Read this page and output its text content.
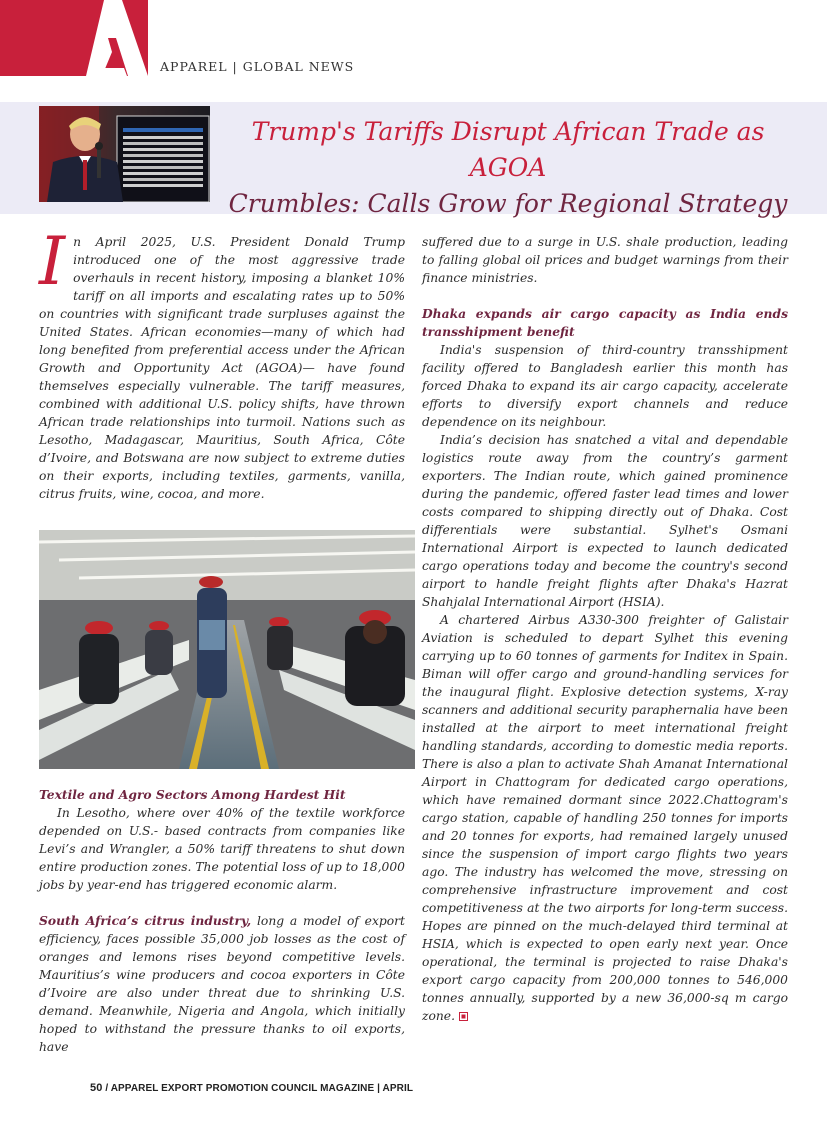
APPAREL | GLOBAL NEWS
Trump's Tariffs Disrupt African Trade as AGOA
Crumbles: Calls Grow for Regional Strategy
I n April 2025, U.S. President Donald Trump introduced one of the most aggressive trade overhauls in recent history, imposing a blanket 10% tariff on all imports and escalating rates up to 50% on countries with significant trade surpluses against the United States. African economies—many of which had long benefited from preferential access under the African Growth and Opportunity Act (AGOA)— have found themselves especially vulnerable. The tariff measures, combined with additional U.S. policy shifts, have thrown African trade relationships into turmoil. Nations such as Lesotho, Madagascar, Mauritius, South Africa, Côte d’Ivoire, and Botswana are now subject to extreme duties on their exports, including textiles, garments, vanilla, citrus fruits, wine, cocoa, and more.

Textile and Agro Sectors Among Hardest Hit

In Lesotho, where over 40% of the textile workforce depended on U.S.- based contracts from companies like Levi’s and Wrangler, a 50% tariff threatens to shut down entire production zones. The potential loss of up to 18,000 jobs by year-end has triggered economic alarm.

South Africa’s citrus industry, long a model of export efficiency, faces possible 35,000 job losses as the cost of oranges and lemons rises beyond competitive levels. Mauritius’s wine producers and cocoa exporters in Côte d’Ivoire are also under threat due to shrinking U.S. demand. Meanwhile, Nigeria and Angola, which initially hoped to withstand the pressure thanks to oil exports, have

suffered due to a surge in U.S. shale production, leading to falling global oil prices and budget warnings from their finance ministries.

Dhaka expands air cargo capacity as India ends transshipment benefit

India's suspension of third-country transshipment facility offered to Bangladesh earlier this month has forced Dhaka to expand its air cargo capacity, accelerate efforts to diversify export channels and reduce dependence on its neighbour.

India’s decision has snatched a vital and dependable logistics route away from the country’s garment exporters. The Indian route, which gained prominence during the pandemic, offered faster lead times and lower costs compared to shipping directly out of Dhaka. Cost differentials were substantial. Sylhet's Osmani International Airport is expected to launch dedicated cargo operations today and become the country's second airport to handle freight flights after Dhaka's Hazrat Shahjalal International Airport (HSIA).

A chartered Airbus A330-300 freighter of Galistair Aviation is scheduled to depart Sylhet this evening carrying up to 60 tonnes of garments for Inditex in Spain. Biman will offer cargo and ground-handling services for the inaugural flight. Explosive detection systems, X-ray scanners and additional security paraphernalia have been installed at the airport to meet international freight handling standards, according to domestic media reports. There is also a plan to activate Shah Amanat International Airport in Chattogram for dedicated cargo operations, which have remained dormant since 2022.Chattogram's cargo station, capable of handling 250 tonnes for imports and 20 tonnes for exports, had remained largely unused since the suspension of import cargo flights two years ago. The industry has welcomed the move, stressing on comprehensive infrastructure improvement and cost competitiveness at the two airports for long-term success. Hopes are pinned on the much-delayed third terminal at HSIA, which is expected to open early next year. Once operational, the terminal is projected to raise Dhaka's export cargo capacity from 200,000 tonnes to 546,000 tonnes annually, supported by a new 36,000-sq m cargo zone.

50 / APPAREL EXPORT PROMOTION COUNCIL MAGAZINE | APRIL
